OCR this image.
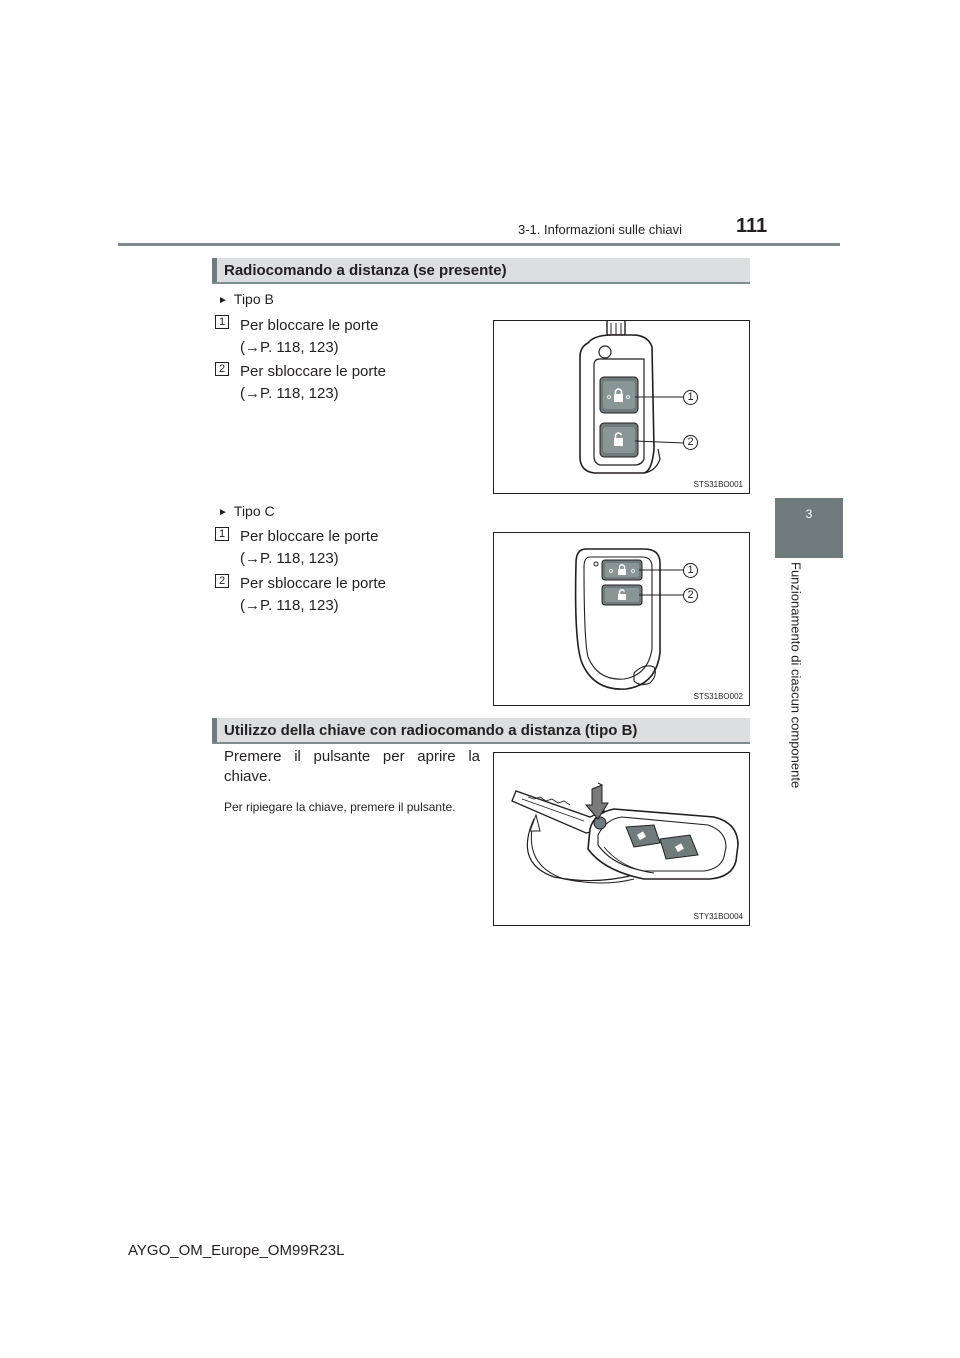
3-1. Informazioni sulle chiavi	111
3
Funzionamento di ciascun componente
Radiocomando a distanza (se presente)
► Tipo B
1 Per bloccare le porte
(→P. 118, 123)
2 Per sbloccare le porte
(→P. 118, 123)	1
2
STS31BO001
► Tipo C
1 Per bloccare le porte
(→P. 118, 123)
2 Per sbloccare le porte
(→P. 118, 123)
1
2
STS31BO002
Utilizzo della chiave con radiocomando a distanza (tipo B)
Premere il pulsante per aprire la
chiave.
Per ripiegare la chiave, premere il pulsante.
STY31BO004
AYGO_OM_Europe_OM99R23L
